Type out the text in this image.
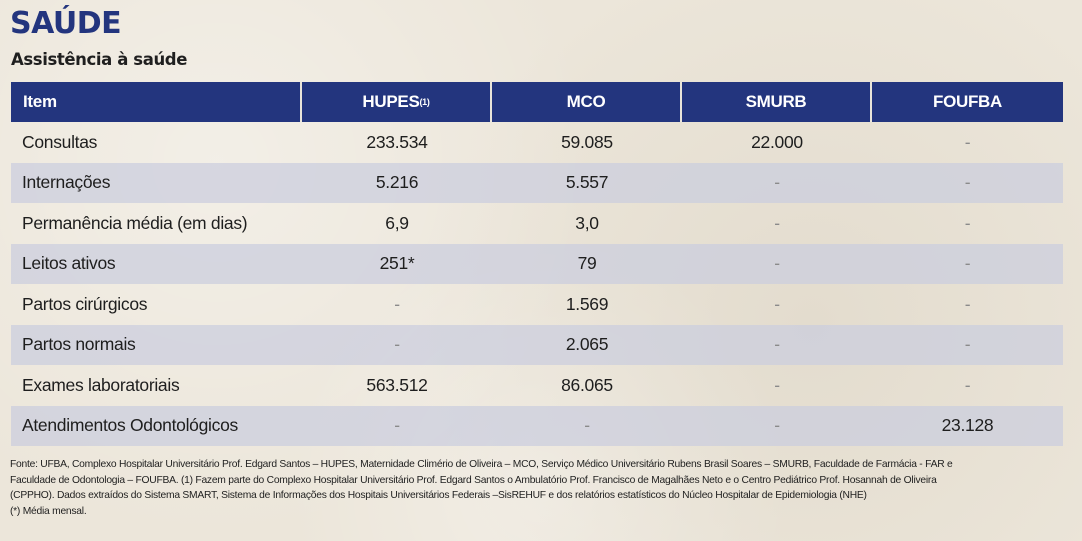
SAÚDE
Assistência à saúde
Item	HUPES (1)	MCO	SMURB	FOUFBA
Consultas	233.534	59.085	22.000	-
Internações	5.216	5.557	-	-
Permanência média (em dias)	6,9	3,0	-	-
Leitos ativos	251*	79	-	-
Partos cirúrgicos	-	1.569	-	-
Partos normais	-	2.065	-	-
Exames laboratoriais	563.512	86.065	-	-
Atendimentos Odontológicos	-	-	-	23.128

Fonte: UFBA, Complexo Hospitalar Universitário Prof. Edgard Santos – HUPES, Maternidade Climério de Oliveira – MCO, Serviço Médico Universitário Rubens Brasil Soares – SMURB, Faculdade de Farmácia - FAR e

Faculdade de Odontologia – FOUFBA. (1) Fazem parte do Complexo Hospitalar Universitário Prof. Edgard Santos o Ambulatório Prof. Francisco de Magalhães Neto e o Centro Pediátrico Prof. Hosannah de Oliveira

(CPPHO). Dados extraídos do Sistema SMART, Sistema de Informações dos Hospitais Universitários Federais –SisREHUF e dos relatórios estatísticos do Núcleo Hospitalar de Epidemiologia (NHE)

(*) Média mensal.
